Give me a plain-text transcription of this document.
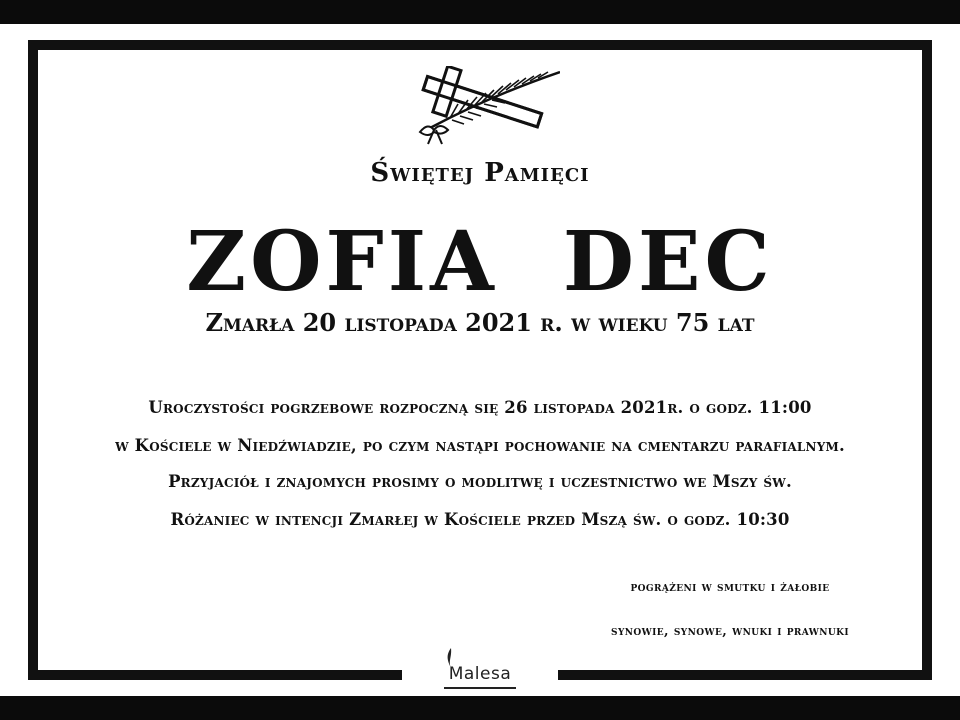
Świętej Pamięci
ZOFIA  DEC
Zmarła 20 listopada 2021 r. w wieku 75 lat
Uroczystości pogrzebowe rozpoczną się 26 listopada 2021r. o godz. 11:00
w Kościele w Niedźwiadzie, po czym nastąpi pochowanie na cmentarzu parafialnym.
Przyjaciół i znajomych prosimy o modlitwę i uczestnictwo we Mszy św.
Różaniec w intencji Zmarłej w Kościele przed Mszą św. o godz. 10:30
pogrążeni w smutku i żałobie
synowie, synowe, wnuki i prawnuki
Malesa
